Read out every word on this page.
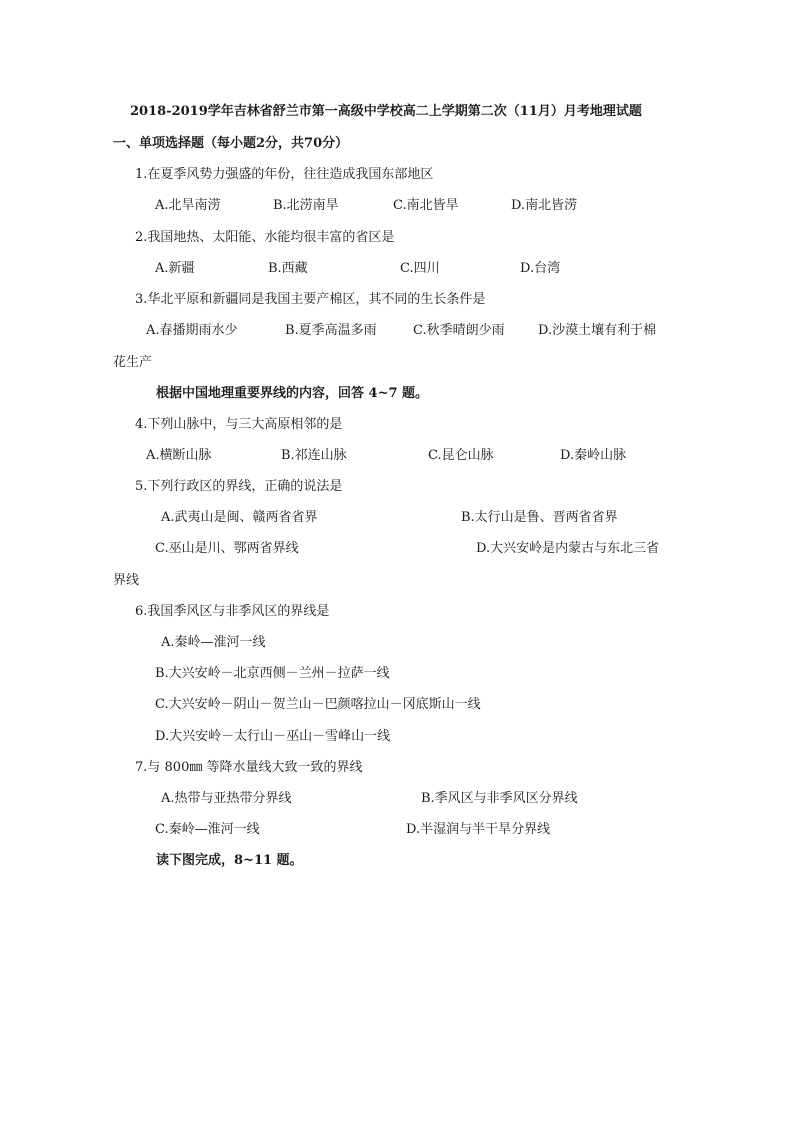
2018-2019学年吉林省舒兰市第一高级中学校高二上学期第二次（11月）月考地理试题
一、单项选择题（每小题2分，共70分）
1.在夏季风势力强盛的年份，往往造成我国东部地区
A.北旱南涝	B.北涝南旱	C.南北皆旱	D.南北皆涝
2.我国地热、太阳能、水能均很丰富的省区是
A.新疆	B.西藏	C.四川	D.台湾
3.华北平原和新疆同是我国主要产棉区，其不同的生长条件是
A.春播期雨水少	B.夏季高温多雨	C.秋季晴朗少雨	D.沙漠土壤有利于棉
花生产
根据中国地理重要界线的内容，回答 4~7 题。
4.下列山脉中，与三大高原相邻的是
A.横断山脉	B.祁连山脉	C.昆仑山脉	D.秦岭山脉
5.下列行政区的界线，正确的说法是
A.武夷山是闽、赣两省省界	B.太行山是鲁、晋两省省界
C.巫山是川、鄂两省界线	D.大兴安岭是内蒙古与东北三省
界线
6.我国季风区与非季风区的界线是
A.秦岭—淮河一线
B.大兴安岭－北京西侧－兰州－拉萨一线
C.大兴安岭－阴山－贺兰山－巴颜喀拉山－冈底斯山一线
D.大兴安岭－太行山－巫山－雪峰山一线
7.与 800㎜ 等降水量线大致一致的界线
A.热带与亚热带分界线	B.季风区与非季风区分界线
C.秦岭—淮河一线	D.半湿润与半干旱分界线
读下图完成，8~11 题。
